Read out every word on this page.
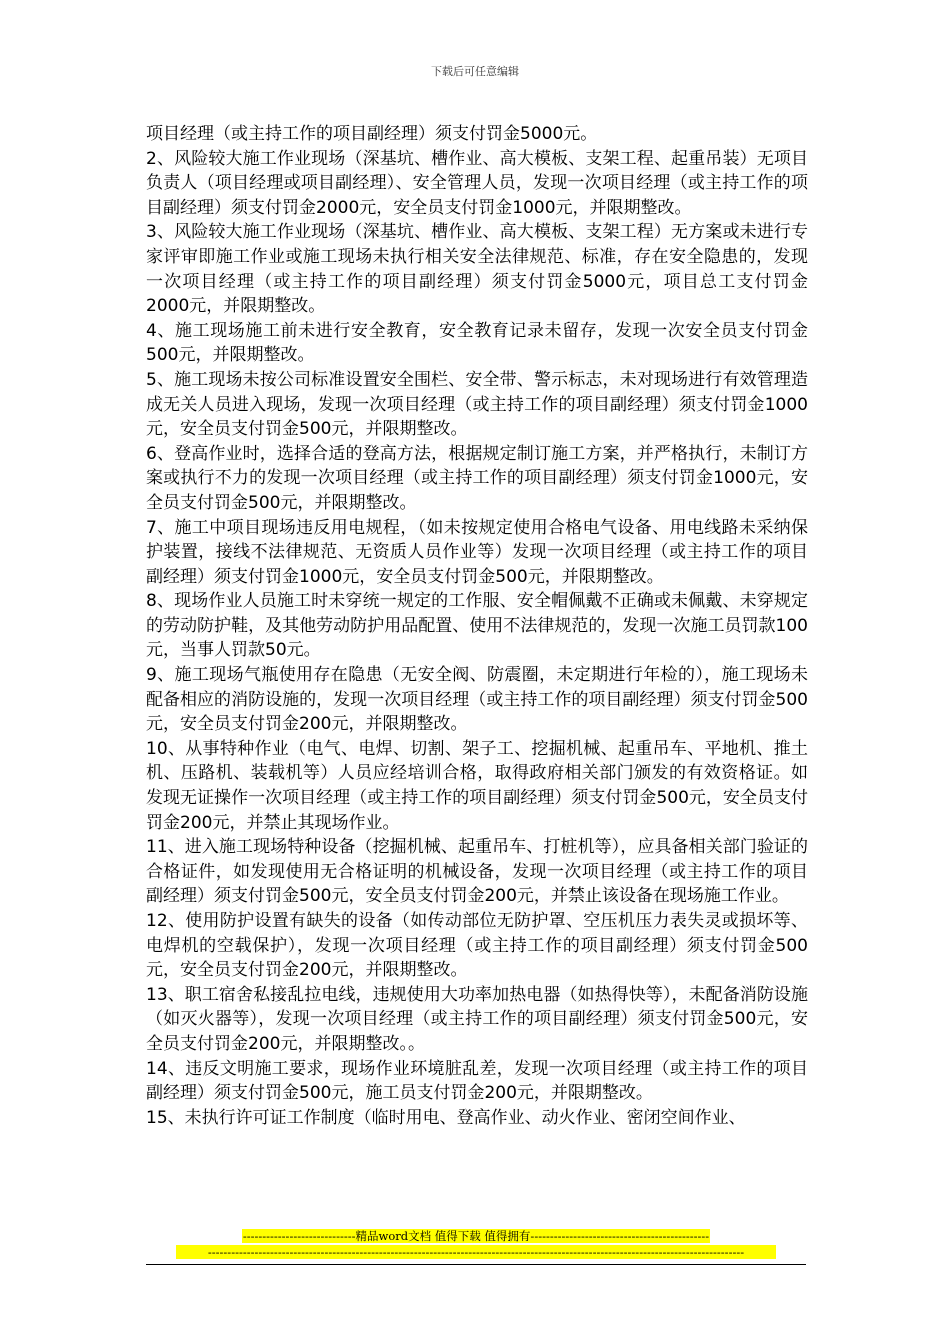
下载后可任意编辑

项目经理（或主持工作的项目副经理）须支付罚金5000元。

2、风险较大施工作业现场（深基坑、槽作业、高大模板、支架工程、起重吊装）无项目负责人（项目经理或项目副经理）、安全管理人员，发现一次项目经理（或主持工作的项目副经理）须支付罚金2000元，安全员支付罚金1000元，并限期整改。

3、风险较大施工作业现场（深基坑、槽作业、高大模板、支架工程）无方案或未进行专家评审即施工作业或施工现场未执行相关安全法律规范、标准，存在安全隐患的，发现一次项目经理（或主持工作的项目副经理）须支付罚金5000元，项目总工支付罚金2000元，并限期整改。

4、施工现场施工前未进行安全教育，安全教育记录未留存，发现一次安全员支付罚金500元，并限期整改。

5、施工现场未按公司标准设置安全围栏、安全带、警示标志，未对现场进行有效管理造成无关人员进入现场，发现一次项目经理（或主持工作的项目副经理）须支付罚金1000元，安全员支付罚金500元，并限期整改。

6、登高作业时，选择合适的登高方法，根据规定制订施工方案，并严格执行，未制订方案或执行不力的发现一次项目经理（或主持工作的项目副经理）须支付罚金1000元，安全员支付罚金500元，并限期整改。

7、施工中项目现场违反用电规程，（如未按规定使用合格电气设备、用电线路未采纳保护装置，接线不法律规范、无资质人员作业等）发现一次项目经理（或主持工作的项目副经理）须支付罚金1000元，安全员支付罚金500元，并限期整改。

8、现场作业人员施工时未穿统一规定的工作服、安全帽佩戴不正确或未佩戴、未穿规定的劳动防护鞋，及其他劳动防护用品配置、使用不法律规范的，发现一次施工员罚款100元，当事人罚款50元。

9、施工现场气瓶使用存在隐患（无安全阀、防震圈，未定期进行年检的），施工现场未配备相应的消防设施的，发现一次项目经理（或主持工作的项目副经理）须支付罚金500元，安全员支付罚金200元，并限期整改。

10、从事特种作业（电气、电焊、切割、架子工、挖掘机械、起重吊车、平地机、推土机、压路机、装载机等）人员应经培训合格，取得政府相关部门颁发的有效资格证。如发现无证操作一次项目经理（或主持工作的项目副经理）须支付罚金500元，安全员支付罚金200元，并禁止其现场作业。

11、进入施工现场特种设备（挖掘机械、起重吊车、打桩机等），应具备相关部门验证的合格证件，如发现使用无合格证明的机械设备，发现一次项目经理（或主持工作的项目副经理）须支付罚金500元，安全员支付罚金200元，并禁止该设备在现场施工作业。

12、使用防护设置有缺失的设备（如传动部位无防护罩、空压机压力表失灵或损坏等、电焊机的空载保护），发现一次项目经理（或主持工作的项目副经理）须支付罚金500元，安全员支付罚金200元，并限期整改。

13、职工宿舍私接乱拉电线，违规使用大功率加热电器（如热得快等），未配备消防设施（如灭火器等），发现一次项目经理（或主持工作的项目副经理）须支付罚金500元，安全员支付罚金200元，并限期整改。。

14、违反文明施工要求，现场作业环境脏乱差，发现一次项目经理（或主持工作的项目副经理）须支付罚金500元，施工员支付罚金200元，并限期整改。

15、未执行许可证工作制度（临时用电、登高作业、动火作业、密闭空间作业、

-----------------------------精品word文档 值得下载 值得拥有----------------------------------------------
------------------------------------------------------------------------------------------------------------------------------------------
